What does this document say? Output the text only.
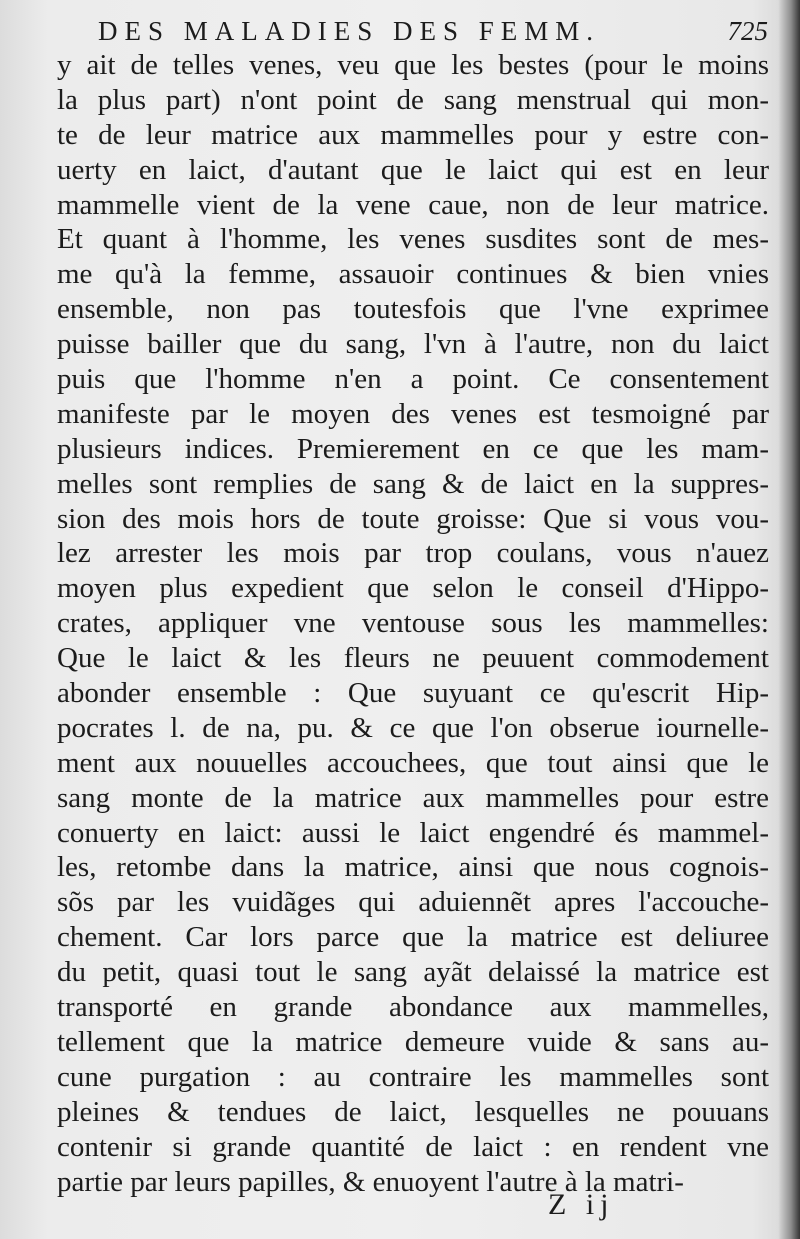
DES MALADIES DES FEMM.	725
y ait de telles venes, veu que les bestes (pour le moins
la plus part) n'ont point de sang menstrual qui mon-
te de leur matrice aux mammelles pour y estre con-
uerty en laict, d'autant que le laict qui est en leur
mammelle vient de la vene caue, non de leur matrice.
Et quant à l'homme, les venes susdites sont de mes-
me qu'à la femme, assauoir continues & bien vnies
ensemble, non pas toutesfois que l'vne exprimee
puisse bailler que du sang, l'vn à l'autre, non du laict
puis que l'homme n'en a point. Ce consentement
manifeste par le moyen des venes est tesmoigné par
plusieurs indices. Premierement en ce que les mam-
melles sont remplies de sang & de laict en la suppres-
sion des mois hors de toute groisse: Que si vous vou-
lez arrester les mois par trop coulans, vous n'auez
moyen plus expedient que selon le conseil d'Hippo-
crates, appliquer vne ventouse sous les mammelles:
Que le laict & les fleurs ne peuuent commodement
abonder ensemble : Que suyuant ce qu'escrit Hip-
pocrates l. de na, pu. & ce que l'on obserue iournelle-
ment aux nouuelles accouchees, que tout ainsi que le
sang monte de la matrice aux mammelles pour estre
conuerty en laict: aussi le laict engendré és mammel-
les, retombe dans la matrice, ainsi que nous cognois-
sõs par les vuidãges qui aduiennẽt apres l'accouche-
chement. Car lors parce que la matrice est deliuree
du petit, quasi tout le sang ayãt delaissé la matrice est
transporté en grande abondance aux mammelles,
tellement que la matrice demeure vuide & sans au-
cune purgation : au contraire les mammelles sont
pleines & tendues de laict, lesquelles ne pouuans
contenir si grande quantité de laict : en rendent vne
partie par leurs papilles, & enuoyent l'autre à la matri-
Z ij
